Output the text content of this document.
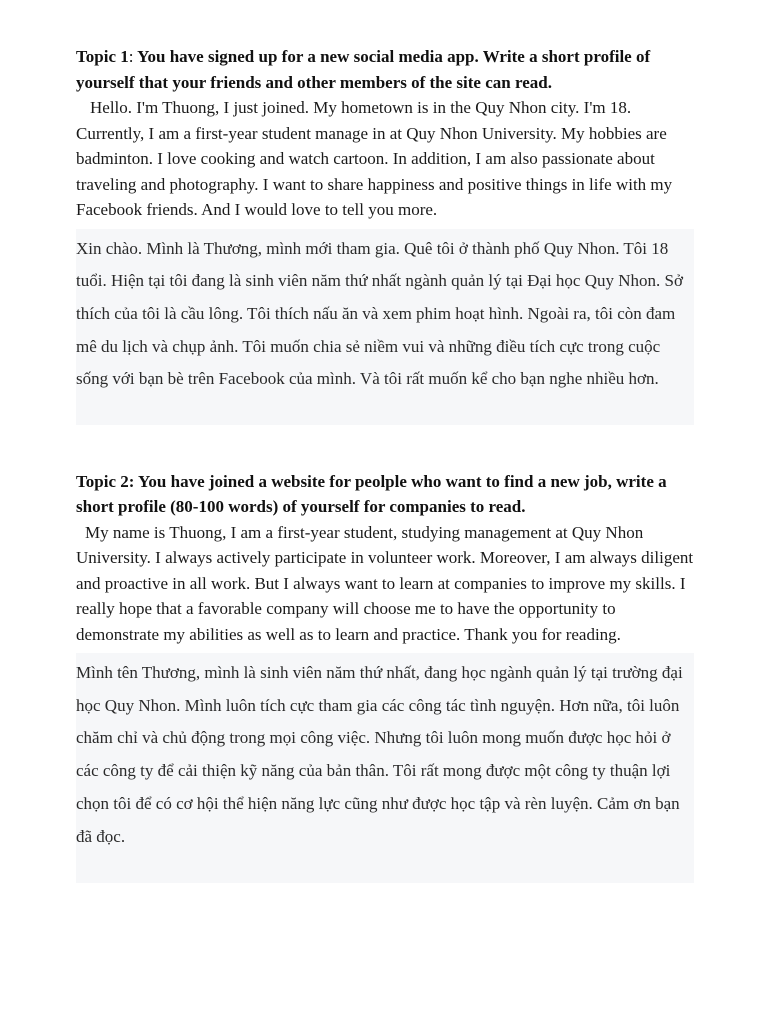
Topic 1: You have signed up for a new social media app. Write a short profile of yourself that your friends and other members of the site can read.

Hello. I'm Thuong, I just joined. My hometown is in the Quy Nhon city. I'm 18. Currently, I am a first-year student manage in at Quy Nhon University. My hobbies are badminton. I love cooking and watch cartoon. In addition, I am also passionate about traveling and photography. I want to share happiness and positive things in life with my Facebook friends. And I would love to tell you more.

Xin chào. Mình là Thương, mình mới tham gia. Quê tôi ở thành phố Quy Nhon. Tôi 18 tuổi. Hiện tại tôi đang là sinh viên năm thứ nhất ngành quản lý tại Đại học Quy Nhon. Sở thích của tôi là cầu lông. Tôi thích nấu ăn và xem phim hoạt hình. Ngoài ra, tôi còn đam mê du lịch và chụp ảnh. Tôi muốn chia sẻ niềm vui và những điều tích cực trong cuộc sống với bạn bè trên Facebook của mình. Và tôi rất muốn kể cho bạn nghe nhiều hơn.

Topic 2: You have joined a website for peolple who want to find a new job, write a short profile (80-100 words) of yourself for companies to read.

My name is Thuong, I am a first-year student, studying management at Quy Nhon University. I always actively participate in volunteer work. Moreover, I am always diligent and proactive in all work. But I always want to learn at companies to improve my skills. I really hope that a favorable company will choose me to have the opportunity to demonstrate my abilities as well as to learn and practice. Thank you for reading.

Mình tên Thương, mình là sinh viên năm thứ nhất, đang học ngành quản lý tại trường đại học Quy Nhon. Mình luôn tích cực tham gia các công tác tình nguyện. Hơn nữa, tôi luôn chăm chỉ và chủ động trong mọi công việc. Nhưng tôi luôn mong muốn được học hỏi ở các công ty để cải thiện kỹ năng của bản thân. Tôi rất mong được một công ty thuận lợi chọn tôi để có cơ hội thể hiện năng lực cũng như được học tập và rèn luyện. Cảm ơn bạn đã đọc.
